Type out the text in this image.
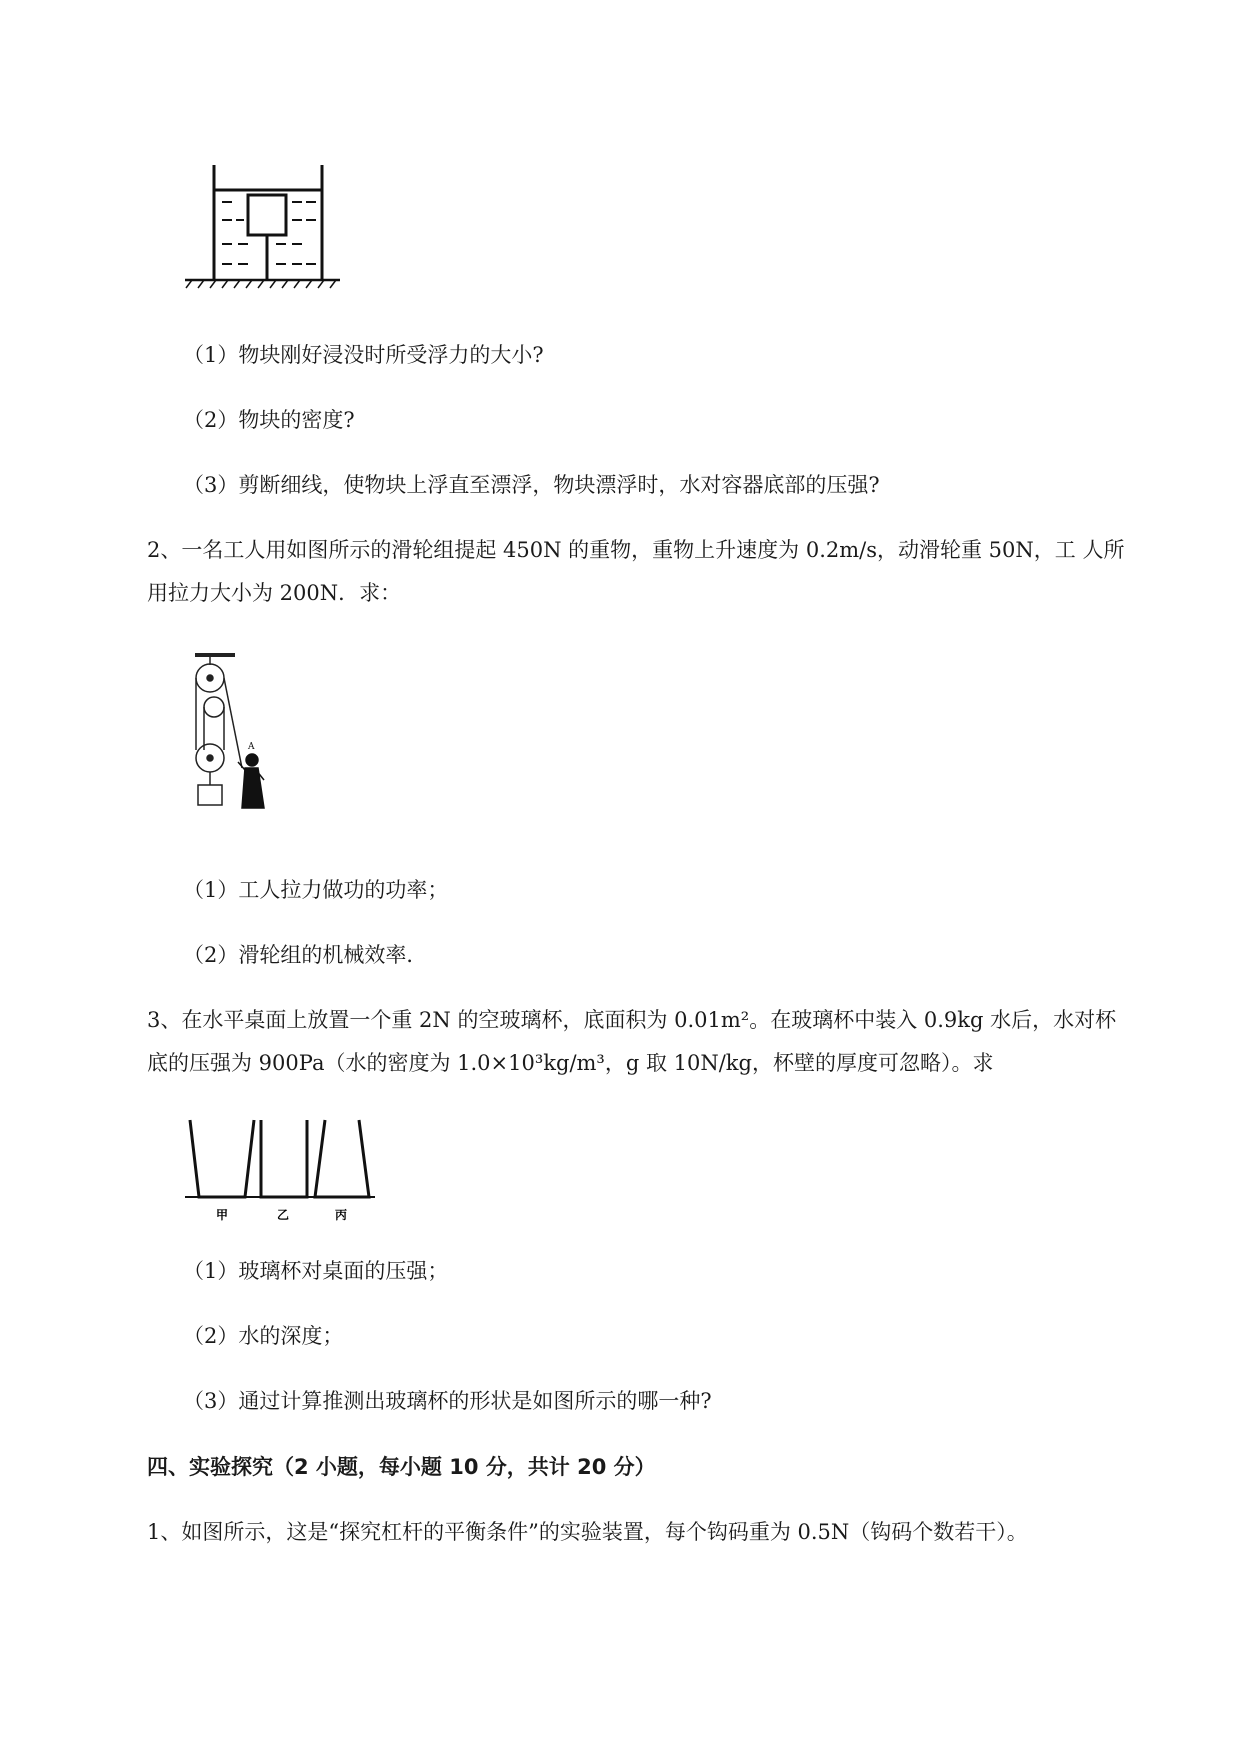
（1）物块刚好浸没时所受浮力的大小?
（2）物块的密度?
（3）剪断细线，使物块上浮直至漂浮，物块漂浮时，水对容器底部的压强?
2、一名工人用如图所示的滑轮组提起 450N 的重物，重物上升速度为 0.2m/s，动滑轮重 50N，工 人所
用拉力大小为 200N．求：
A
（1）工人拉力做功的功率；
（2）滑轮组的机械效率．
3、在水平桌面上放置一个重 2N 的空玻璃杯，底面积为 0.01m²。在玻璃杯中装入 0.9kg 水后，水对杯
底的压强为 900Pa（水的密度为 1.0×10³kg/m³，g 取 10N/kg，杯壁的厚度可忽略）。求
甲	乙	丙
（1）玻璃杯对桌面的压强；
（2）水的深度；
（3）通过计算推测出玻璃杯的形状是如图所示的哪一种?
四、实验探究（2 小题，每小题 10 分，共计 20 分）
1、如图所示，这是“探究杠杆的平衡条件”的实验装置，每个钩码重为 0.5N（钩码个数若干）。
